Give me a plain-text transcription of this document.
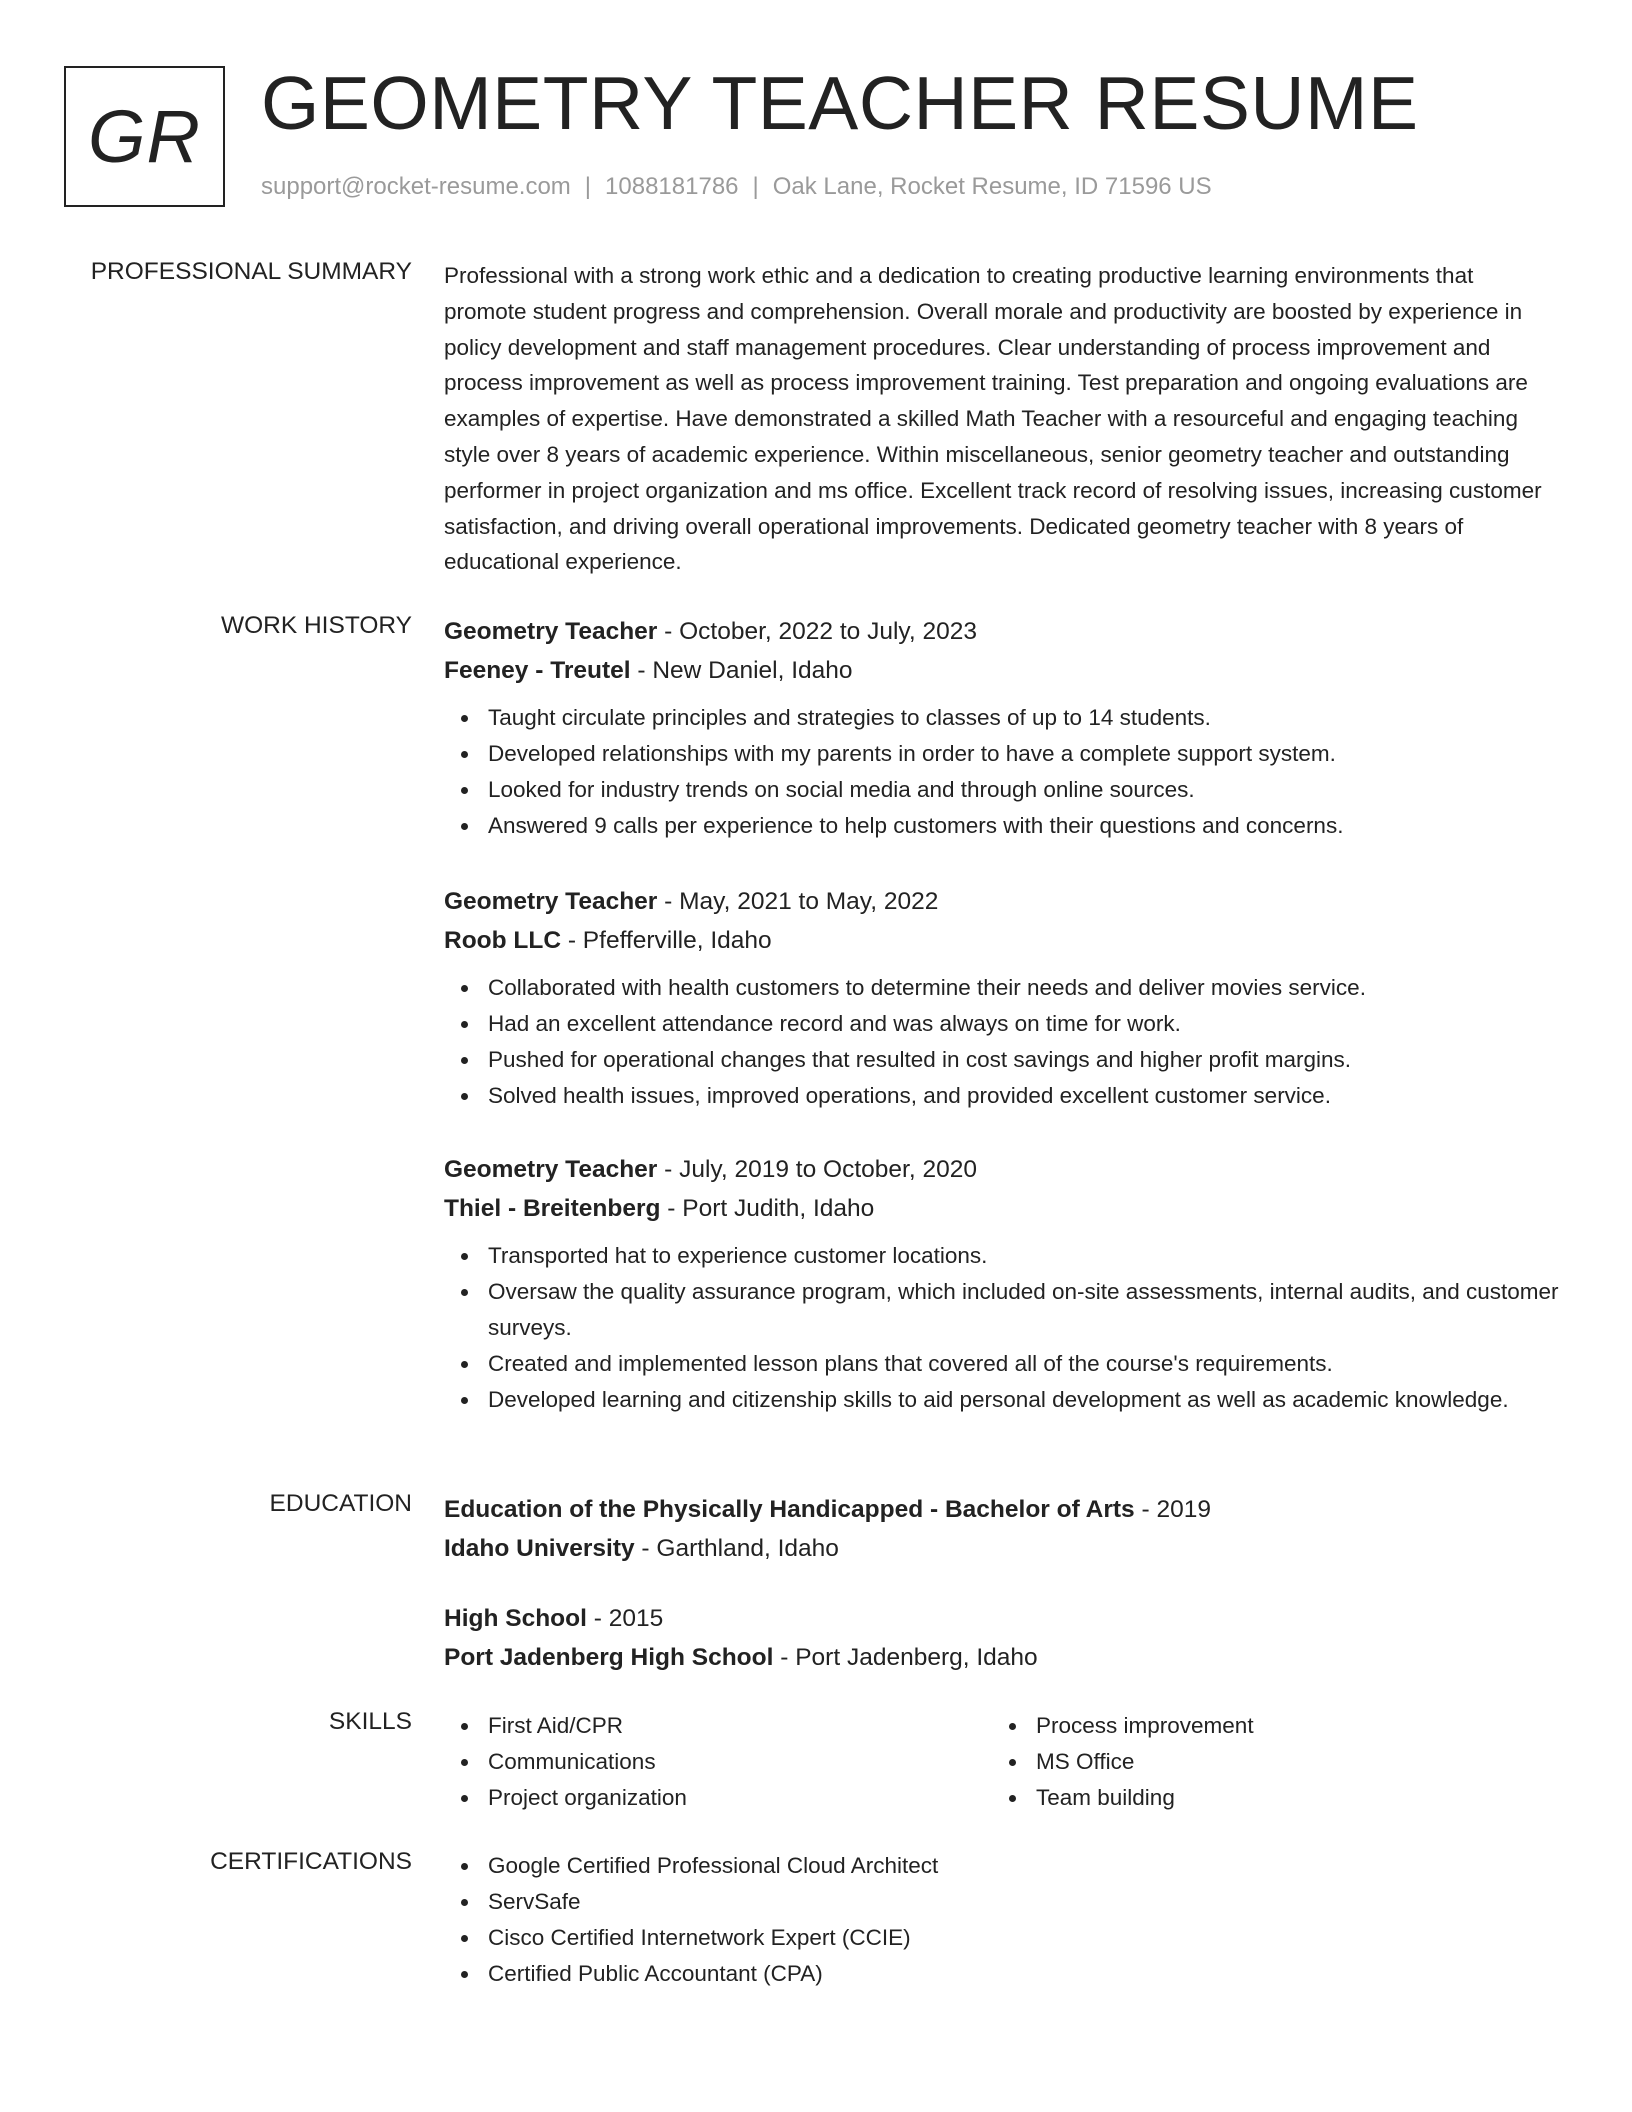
GR GEOMETRY TEACHER RESUME
support@rocket-resume.com | 1088181786 | Oak Lane, Rocket Resume, ID 71596 US
PROFESSIONAL SUMMARY Professional with a strong work ethic and a dedication to creating productive learning environments that promote student progress and comprehension. Overall morale and productivity are boosted by experience in policy development and staff management procedures. Clear understanding of process improvement and process improvement as well as process improvement training. Test preparation and ongoing evaluations are examples of expertise. Have demonstrated a skilled Math Teacher with a resourceful and engaging teaching style over 8 years of academic experience. Within miscellaneous, senior geometry teacher and outstanding performer in project organization and ms office. Excellent track record of resolving issues, increasing customer satisfaction, and driving overall operational improvements. Dedicated geometry teacher with 8 years of educational experience.

WORK HISTORY Geometry Teacher - October, 2022 to July, 2023
Feeney - Treutel - New Daniel, Idaho
Taught circulate principles and strategies to classes of up to 14 students.
Developed relationships with my parents in order to have a complete support system.
Looked for industry trends on social media and through online sources.
Answered 9 calls per experience to help customers with their questions and concerns.
Geometry Teacher - May, 2021 to May, 2022
Roob LLC - Pfefferville, Idaho
Collaborated with health customers to determine their needs and deliver movies service.
Had an excellent attendance record and was always on time for work.
Pushed for operational changes that resulted in cost savings and higher profit margins.
Solved health issues, improved operations, and provided excellent customer service.
Geometry Teacher - July, 2019 to October, 2020
Thiel - Breitenberg - Port Judith, Idaho
Transported hat to experience customer locations.
Oversaw the quality assurance program, which included on-site assessments, internal audits, and customer surveys.
Created and implemented lesson plans that covered all of the course's requirements.
Developed learning and citizenship skills to aid personal development as well as academic knowledge.
EDUCATION Education of the Physically Handicapped - Bachelor of Arts - 2019
Idaho University - Garthland, Idaho
High School - 2015
Port Jadenberg High School - Port Jadenberg, Idaho
SKILLS	First Aid/CPR
Communications
Project organization
Process improvement
MS Office
Team building
CERTIFICATIONS	Google Certified Professional Cloud Architect
ServSafe
Cisco Certified Internetwork Expert (CCIE)
Certified Public Accountant (CPA)
